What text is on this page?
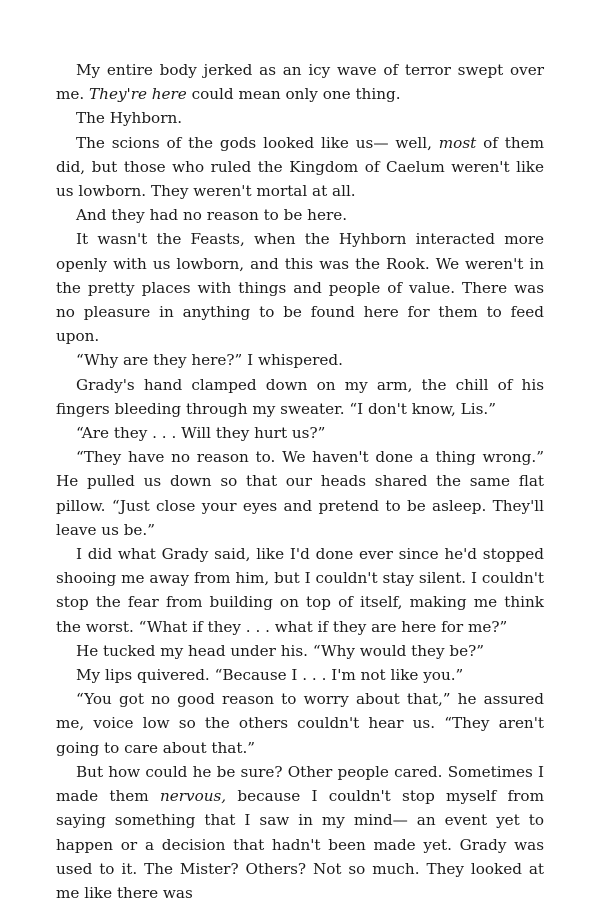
My entire body jerked as an icy wave of terror swept over me. They're here could mean only one thing.

The Hyhborn.

The scions of the gods looked like us— well, most of them did, but those who ruled the Kingdom of Caelum weren't like us lowborn. They weren't mortal at all.

And they had no reason to be here.

It wasn't the Feasts, when the Hyhborn interacted more openly with us lowborn, and this was the Rook. We weren't in the pretty places with things and people of value. There was no pleasure in anything to be found here for them to feed upon.

“Why are they here?” I whispered.

Grady's hand clamped down on my arm, the chill of his fingers bleeding through my sweater. “I don't know, Lis.”

“Are they . . . Will they hurt us?”

“They have no reason to. We haven't done a thing wrong.” He pulled us down so that our heads shared the same flat pillow. “Just close your eyes and pretend to be asleep. They'll leave us be.”

I did what Grady said, like I'd done ever since he'd stopped shooing me away from him, but I couldn't stay silent. I couldn't stop the fear from building on top of itself, making me think the worst. “What if they . . . what if they are here for me?”

He tucked my head under his. “Why would they be?”

My lips quivered. “Because I . . . I'm not like you.”

“You got no good reason to worry about that,” he assured me, voice low so the others couldn't hear us. “They aren't going to care about that.”

But how could he be sure? Other people cared. Sometimes I made them nervous, because I couldn't stop myself from saying something that I saw in my mind— an event yet to happen or a decision that hadn't been made yet. Grady was used to it. The Mister? Others? Not so much. They looked at me like there was
